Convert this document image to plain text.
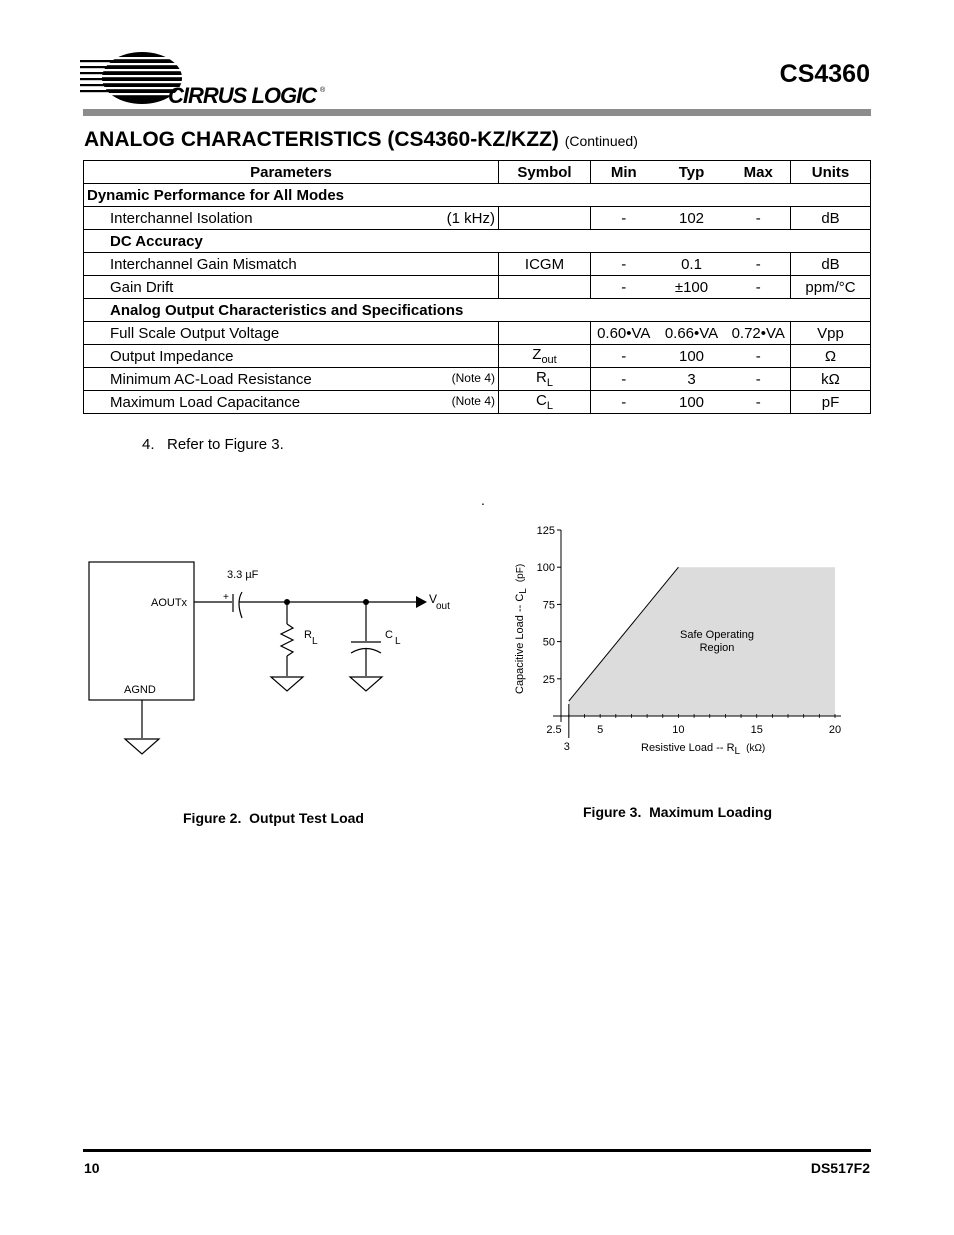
CIRRUS LOGIC ®
CS4360
ANALOG CHARACTERISTICS (CS4360-KZ/KZZ) (Continued)
Parameters	Symbol	Min	Typ	Max	Units
Dynamic Performance for All Modes					
Interchannel Isolation (1 kHz)		-	102	-	dB
DC Accuracy					
Interchannel Gain Mismatch	ICGM	-	0.1	-	dB
Gain Drift		-	±100	-	ppm/°C
Analog Output Characteristics and Specifications					
Full Scale Output Voltage		0.60•VA	0.66•VA	0.72•VA	Vpp
Output Impedance	$Z_{out}$	-	100	-	Ω
Minimum AC-Load Resistance (Note 4)	$R_L$	-	3	-	kΩ
Maximum Load Capacitance (Note 4)	$C_L$	-	100	-	pF
4.   Refer to Figure 3.
.
3.3 µF
+
AOUTx
AGND
V
out
R
L
C
L
2.5	5	10	15	20
25
50
75
100
125
3
Safe Operating
Region
Resistive Load -- RL (kΩ)
Capacitive Load -- CL(pF)
Figure 2.  Output Test Load	Figure 3.  Maximum Loading
10	DS517F2
